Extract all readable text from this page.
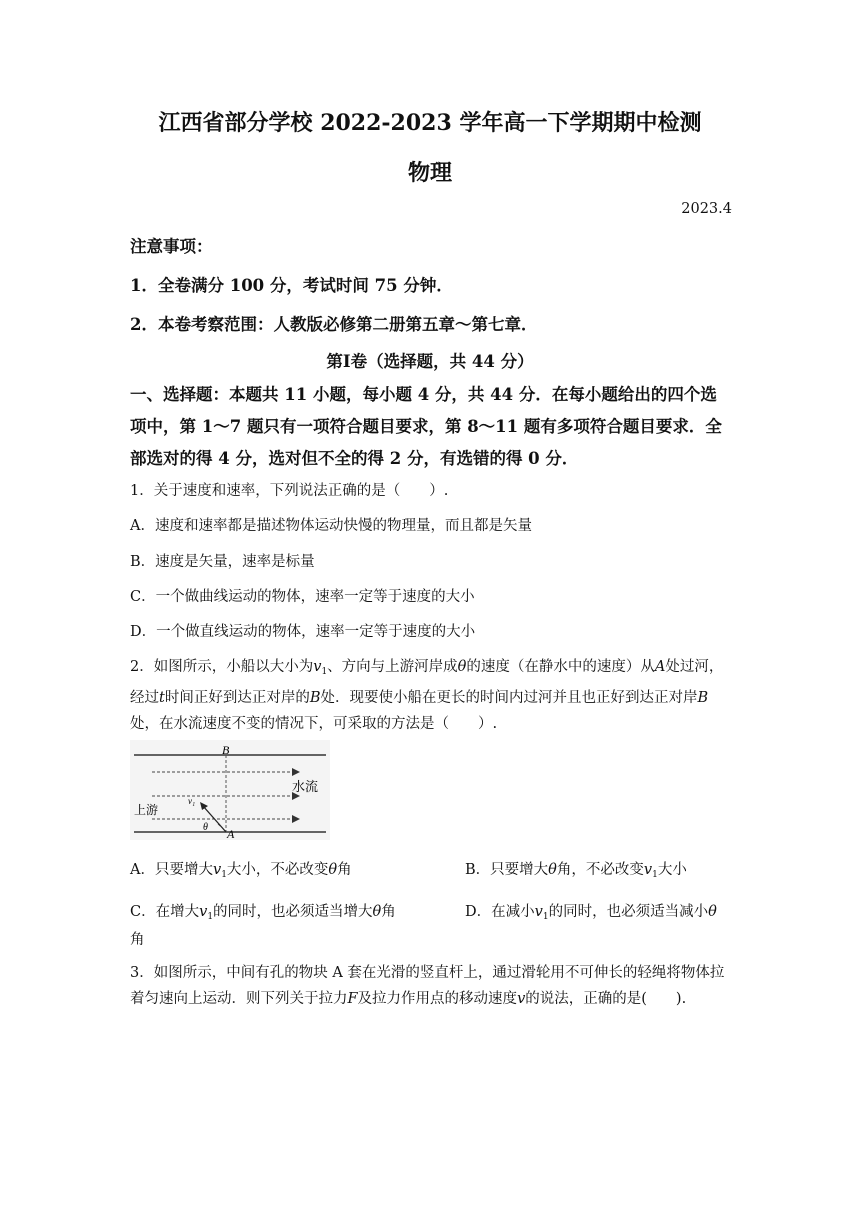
江西省部分学校 2022-2023 学年高一下学期期中检测
物理
2023.4
注意事项：
1．全卷满分 100 分，考试时间 75 分钟．
2．本卷考察范围：人教版必修第二册第五章～第七章．
第Ⅰ卷（选择题，共 44 分）
一、选择题：本题共 11 小题，每小题 4 分，共 44 分．在每小题给出的四个选项中，第 1～7 题只有一项符合题目要求，第 8～11 题有多项符合题目要求．全部选对的得 4 分，选对但不全的得 2 分，有选错的得 0 分．
1．关于速度和速率，下列说法正确的是（　　）.
A．速度和速率都是描述物体运动快慢的物理量，而且都是矢量
B．速度是矢量，速率是标量
C．一个做曲线运动的物体，速率一定等于速度的大小
D．一个做直线运动的物体，速率一定等于速度的大小
2．如图所示，小船以大小为$v_1$、方向与上游河岸成θ的速度（在静水中的速度）从A处过河，经过t时间正好到达正对岸的B处．现要使小船在更长的时间内过河并且也正好到达正对岸B处，在水流速度不变的情况下，可采取的方法是（　　）.
B
水流
上游
v₁
θ A
A．只要增大$v_1$大小，不必改变θ角	B．只要增大θ角，不必改变$v_1$大小
C．在增大$v_1$的同时，也必须适当增大θ角	D．在减小$v_1$的同时，也必须适当减小θ
角
3．如图所示，中间有孔的物块 A 套在光滑的竖直杆上，通过滑轮用不可伸长的轻绳将物体拉着匀速向上运动．则下列关于拉力F及拉力作用点的移动速度v的说法，正确的是(　　).
